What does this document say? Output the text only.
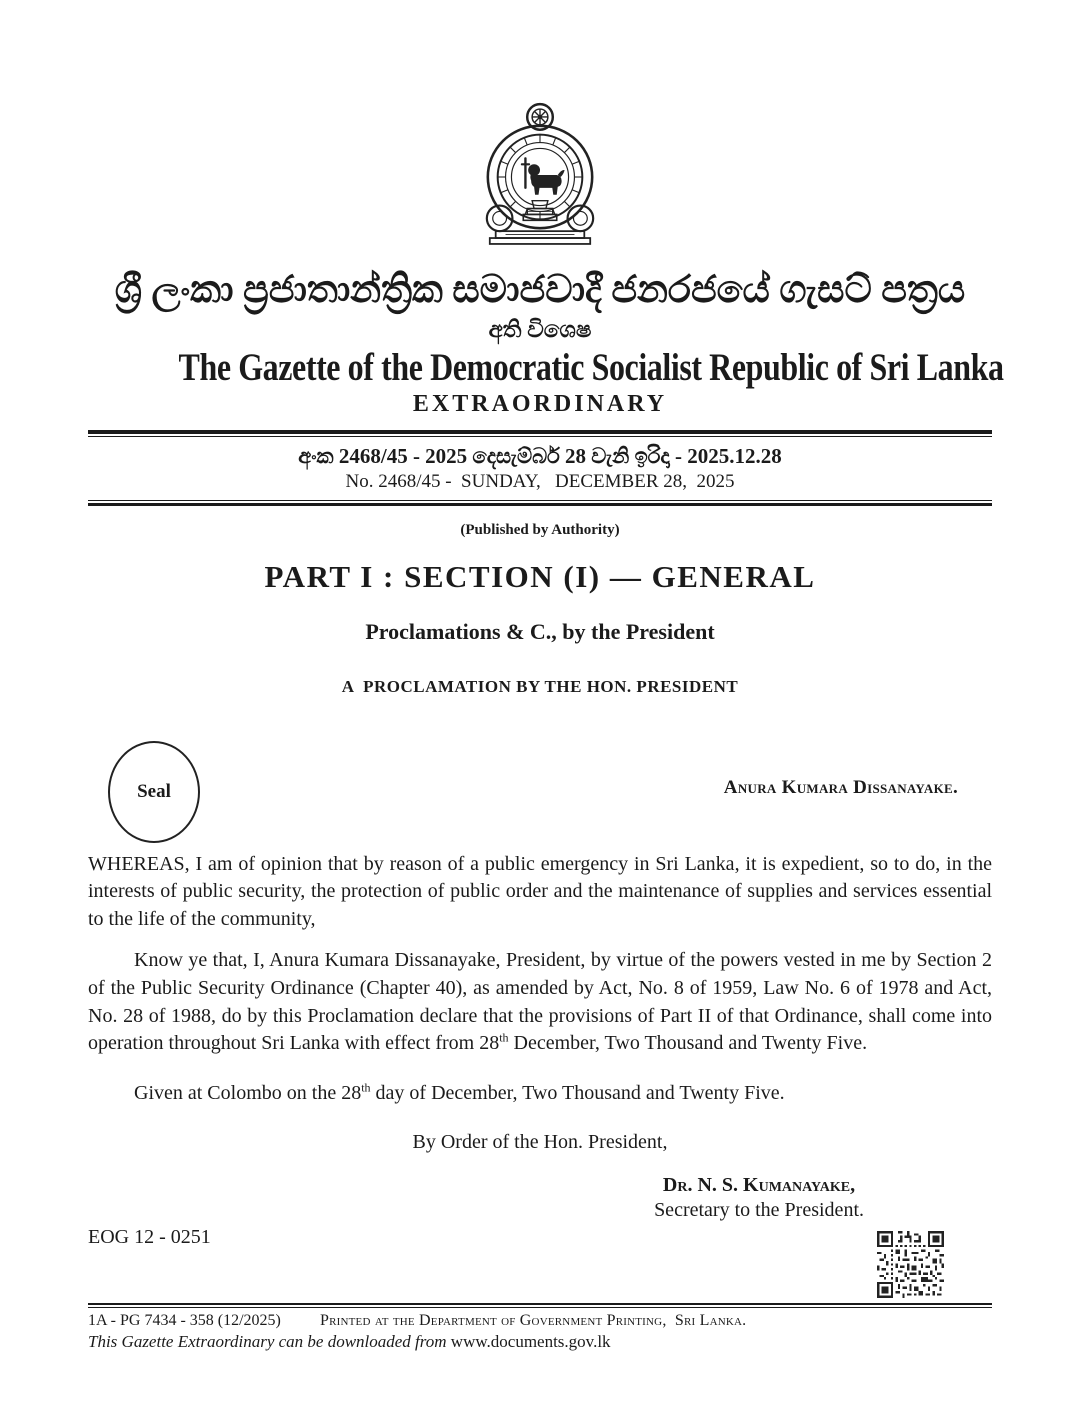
ශ්‍රී ලංකා ප්‍රජාතාන්ත්‍රික සමාජවාදී ජනරජයේ ගැසට් පත්‍රය
අති විශෙෂ
The Gazette of the Democratic Socialist Republic of Sri Lanka
EXTRAORDINARY
අංක 2468/45 - 2025 දෙසැම්බර් 28 වැනි ඉරිදා - 2025.12.28
No. 2468/45 -  SUNDAY,   DECEMBER 28,  2025
(Published by Authority)
PART I : SECTION (I) — GENERAL
Proclamations & C., by the President
A  PROCLAMATION BY THE HON. PRESIDENT
Seal	Anura Kumara Dissanayake.

WHEREAS, I am of opinion that by reason of a public emergency in Sri Lanka, it is expedient, so to do, in the interests of public security, the protection of public order and the maintenance of supplies and services essential to the life of the community,

Know ye that, I, Anura Kumara Dissanayake, President, by virtue of the powers vested in me by Section 2 of the Public Security Ordinance (Chapter 40), as amended by Act, No. 8 of 1959, Law No. 6 of 1978 and Act, No. 28 of 1988, do by this Proclamation declare that the provisions of Part II of that Ordinance, shall come into operation throughout Sri Lanka with effect from 28th December, Two Thousand and Twenty Five.

Given at Colombo on the 28th day of December, Two Thousand and Twenty Five.

By Order of the Hon. President,
Dr. N. S. Kumanayake,
Secretary to the President.
EOG 12 - 0251
1A - PG 7434 - 358 (12/2025)	Printed at the Department of Government Printing,  Sri Lanka.
This Gazette Extraordinary can be downloaded from www.documents.gov.lk
